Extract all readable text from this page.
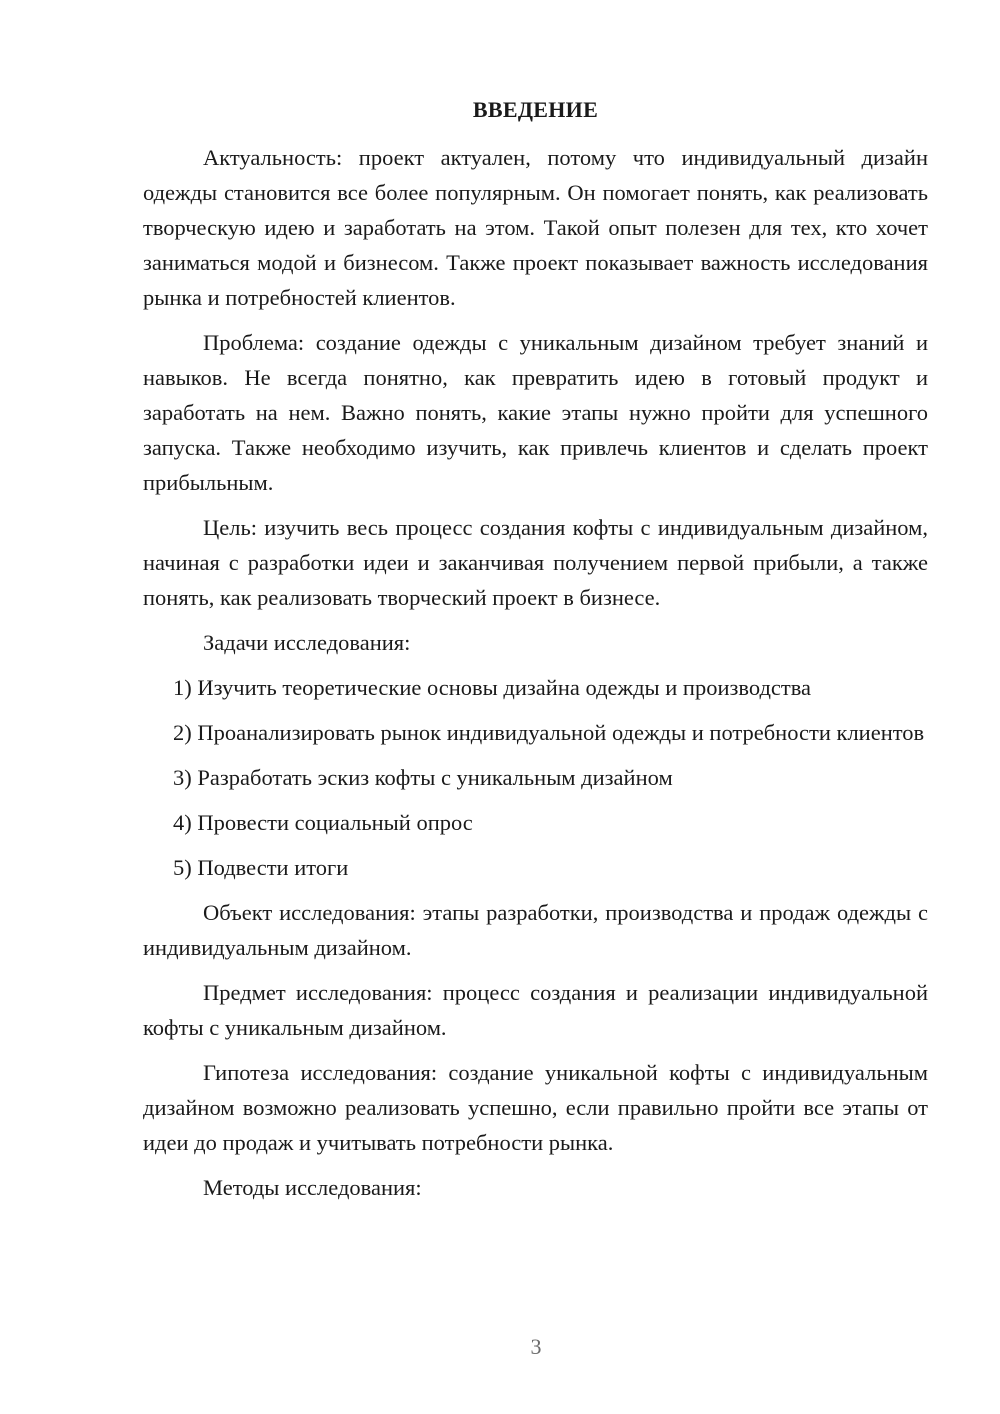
ВВЕДЕНИЕ

Актуальность: проект актуален, потому что индивидуальный дизайн одежды становится все более популярным. Он помогает понять, как реализовать творческую идею и заработать на этом. Такой опыт полезен для тех, кто хочет заниматься модой и бизнесом. Также проект показывает важность исследования рынка и потребностей клиентов.

Проблема: создание одежды с уникальным дизайном требует знаний и навыков. Не всегда понятно, как превратить идею в готовый продукт и заработать на нем. Важно понять, какие этапы нужно пройти для успешного запуска. Также необходимо изучить, как привлечь клиентов и сделать проект прибыльным.

Цель: изучить весь процесс создания кофты с индивидуальным дизайном, начиная с разработки идеи и заканчивая получением первой прибыли, а также понять, как реализовать творческий проект в бизнесе.

Задачи исследования:

1) Изучить теоретические основы дизайна одежды и производства

2) Проанализировать рынок индивидуальной одежды и потребности клиентов

3) Разработать эскиз кофты с уникальным дизайном

4) Провести социальный опрос

5) Подвести итоги

Объект исследования: этапы разработки, производства и продаж одежды с индивидуальным дизайном.

Предмет исследования: процесс создания и реализации индивидуальной кофты с уникальным дизайном.

Гипотеза исследования: создание уникальной кофты с индивидуальным дизайном возможно реализовать успешно, если правильно пройти все этапы от идеи до продаж и учитывать потребности рынка.

Методы исследования:

3
